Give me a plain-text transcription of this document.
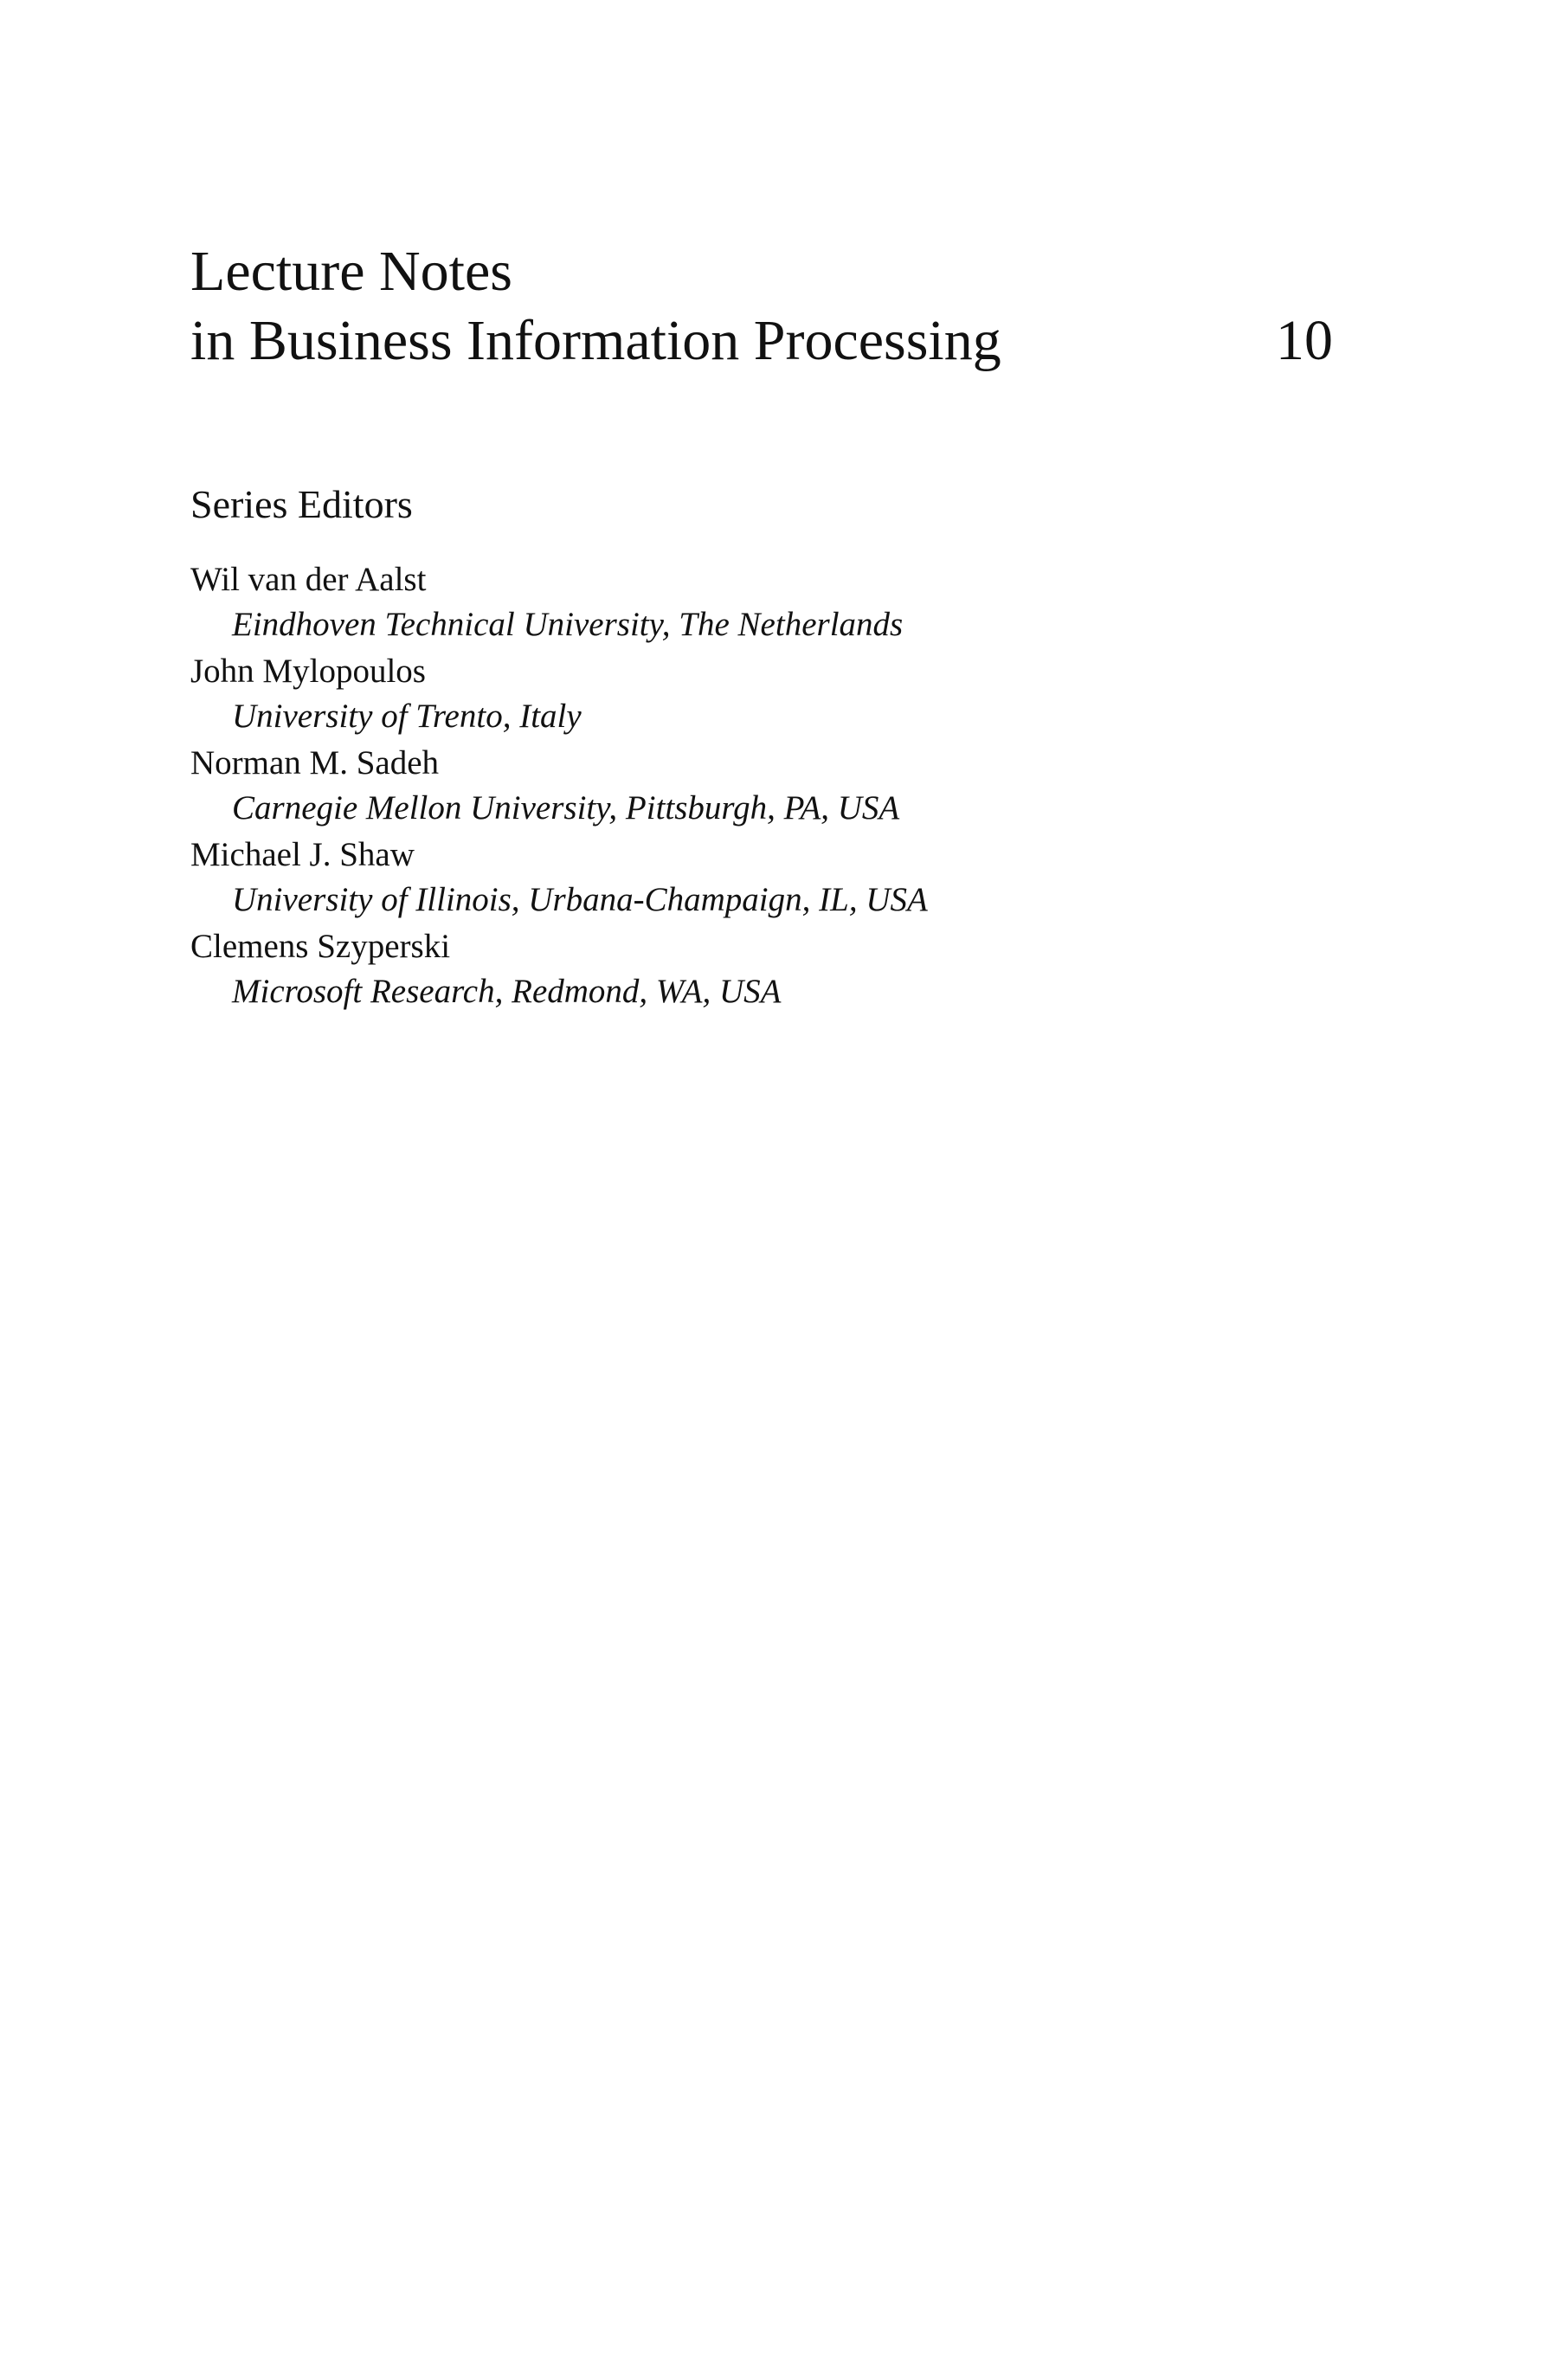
Lecture Notes
in Business Information Processing	10
Series Editors
Wil van der Aalst
Eindhoven Technical University, The Netherlands
John Mylopoulos
University of Trento, Italy
Norman M. Sadeh
Carnegie Mellon University, Pittsburgh, PA, USA
Michael J. Shaw
University of Illinois, Urbana-Champaign, IL, USA
Clemens Szyperski
Microsoft Research, Redmond, WA, USA
